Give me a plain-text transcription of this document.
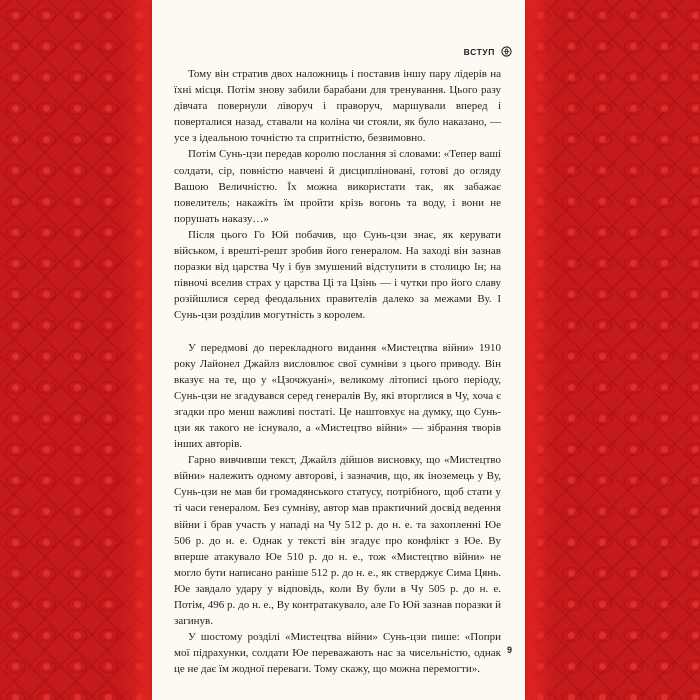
ВСТУП

Тому він стратив двох наложниць і поставив іншу пару лідерів на їхні місця. Потім знову забили барабани для тренування. Цього разу дівчата повернули ліворуч і праворуч, маршували вперед і поверталися назад, ставали на коліна чи стояли, як було наказано, — усе з ідеальною точністю та спритністю, безвимовно.

Потім Сунь-цзи передав королю послання зі словами: «Тепер ваші солдати, сір, повністю навчені й дисципліновані, готові до огляду Вашою Величністю. Їх можна використати так, як забажає повелитель; накажіть їм пройти крізь вогонь та воду, і вони не порушать наказу…»

Після цього Го Юй побачив, що Сунь-цзи знає, як керувати військом, і врешті-решт зробив його генералом. На заході він зазнав поразки від царства Чу і був змушений відступити в столицю Ін; на півночі вселив страх у царства Ці та Цзінь — і чутки про його славу розійшлися серед феодальних правителів далеко за межами Ву. І Сунь-цзи розділив могутність з королем.

У передмові до перекладного видання «Мистецтва війни» 1910 року Лайонел Джайлз висловлює свої сумніви з цього приводу. Він вказує на те, що у «Цзочжуані», великому літописі цього періоду, Сунь-цзи не згадувався серед генералів Ву, які вторглися в Чу, хоча є згадки про менш важливі постаті. Це наштовхує на думку, що Сунь-цзи як такого не існувало, а «Мистецтво війни» — зібрання творів інших авторів.

Гарно вивчивши текст, Джайлз дійшов висновку, що «Мистецтво війни» належить одному авторові, і зазначив, що, як іноземець у Ву, Сунь-цзи не мав би громадянського статусу, потрібного, щоб стати у ті часи генералом. Без сумніву, автор мав практичний досвід ведення війни і брав участь у нападі на Чу 512 р. до н. е. та захопленні Юе 506 р. до н. е. Однак у тексті він згадує про конфлікт з Юе. Ву вперше атакувало Юе 510 р. до н. е., тож «Мистецтво війни» не могло бути написано раніше 512 р. до н. е., як стверджує Сима Цянь. Юе завдало удару у відповідь, коли Ву були в Чу 505 р. до н. е. Потім, 496 р. до н. е., Ву контратакувало, але Го Юй зазнав поразки й загинув.

У шостому розділі «Мистецтва війни» Сунь-цзи пише: «Попри мої підрахунки, солдати Юе переважають нас за чисельністю, однак це не дає їм жодної переваги. Тому скажу, що можна перемогти».

9
